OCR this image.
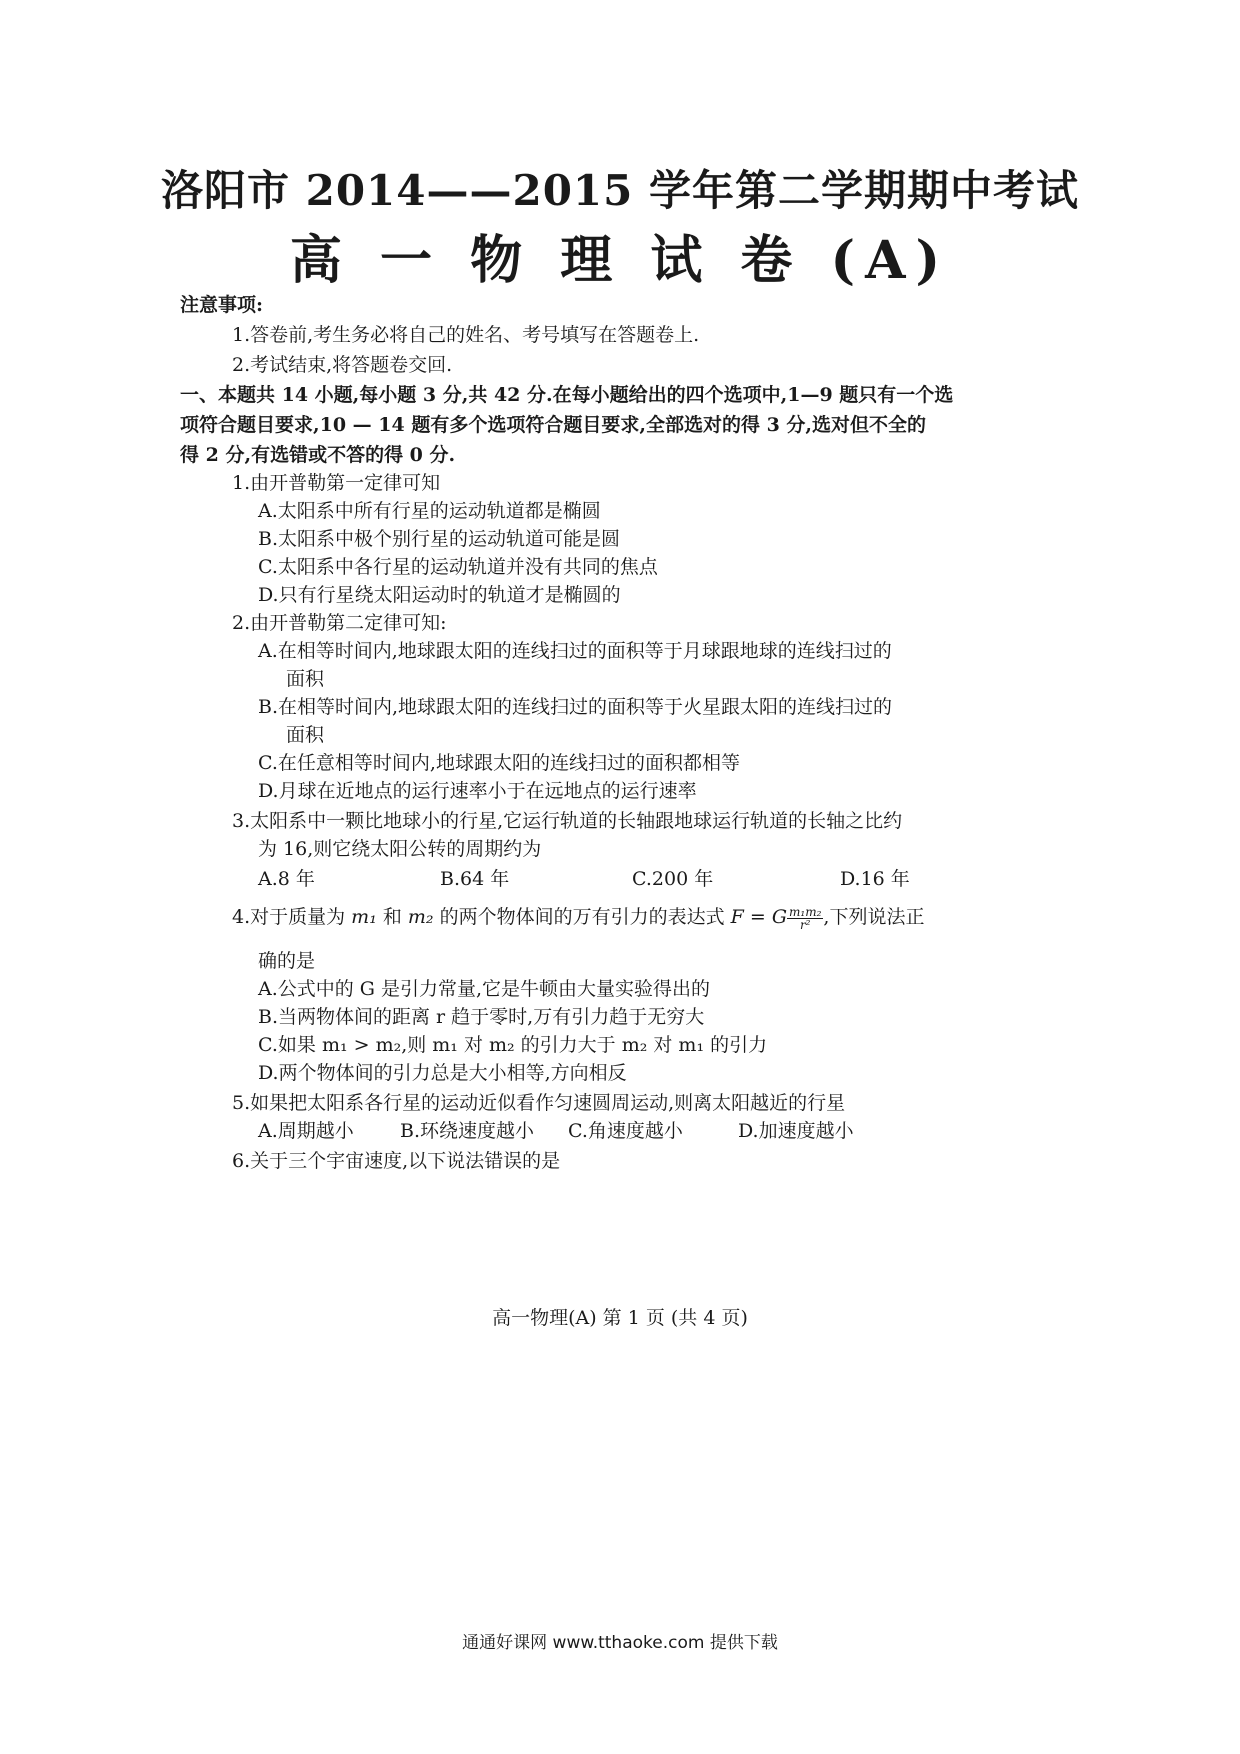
洛阳市 2014——2015 学年第二学期期中考试
高 一 物 理 试 卷 (A)
注意事项:
1.答卷前,考生务必将自己的姓名、考号填写在答题卷上.
2.考试结束,将答题卷交回.
一、本题共 14 小题,每小题 3 分,共 42 分.在每小题给出的四个选项中,1—9 题只有一个选
项符合题目要求,10 — 14 题有多个选项符合题目要求,全部选对的得 3 分,选对但不全的
得 2 分,有选错或不答的得 0 分.
1.由开普勒第一定律可知
A.太阳系中所有行星的运动轨道都是椭圆
B.太阳系中极个别行星的运动轨道可能是圆
C.太阳系中各行星的运动轨道并没有共同的焦点
D.只有行星绕太阳运动时的轨道才是椭圆的
2.由开普勒第二定律可知:
A.在相等时间内,地球跟太阳的连线扫过的面积等于月球跟地球的连线扫过的
面积
B.在相等时间内,地球跟太阳的连线扫过的面积等于火星跟太阳的连线扫过的
面积
C.在任意相等时间内,地球跟太阳的连线扫过的面积都相等
D.月球在近地点的运行速率小于在远地点的运行速率
3.太阳系中一颗比地球小的行星,它运行轨道的长轴跟地球运行轨道的长轴之比约
为 16,则它绕太阳公转的周期约为
A.8 年	B.64 年	C.200 年	D.16 年
4.对于质量为 m₁ 和 m₂ 的两个物体间的万有引力的表达式 F = G $\frac{\text{m₁m₂}}{\text{r²}}$ ,下列说法正
确的是
A.公式中的 G 是引力常量,它是牛顿由大量实验得出的
B.当两物体间的距离 r 趋于零时,万有引力趋于无穷大
C.如果 m₁ > m₂,则 m₁ 对 m₂ 的引力大于 m₂ 对 m₁ 的引力
D.两个物体间的引力总是大小相等,方向相反
5.如果把太阳系各行星的运动近似看作匀速圆周运动,则离太阳越近的行星
A.周期越小 B.环绕速度越小 C.角速度越小	D.加速度越小
6.关于三个宇宙速度,以下说法错误的是
高一物理(A) 第 1 页 (共 4 页)
通通好课网 www.tthaoke.com 提供下载
